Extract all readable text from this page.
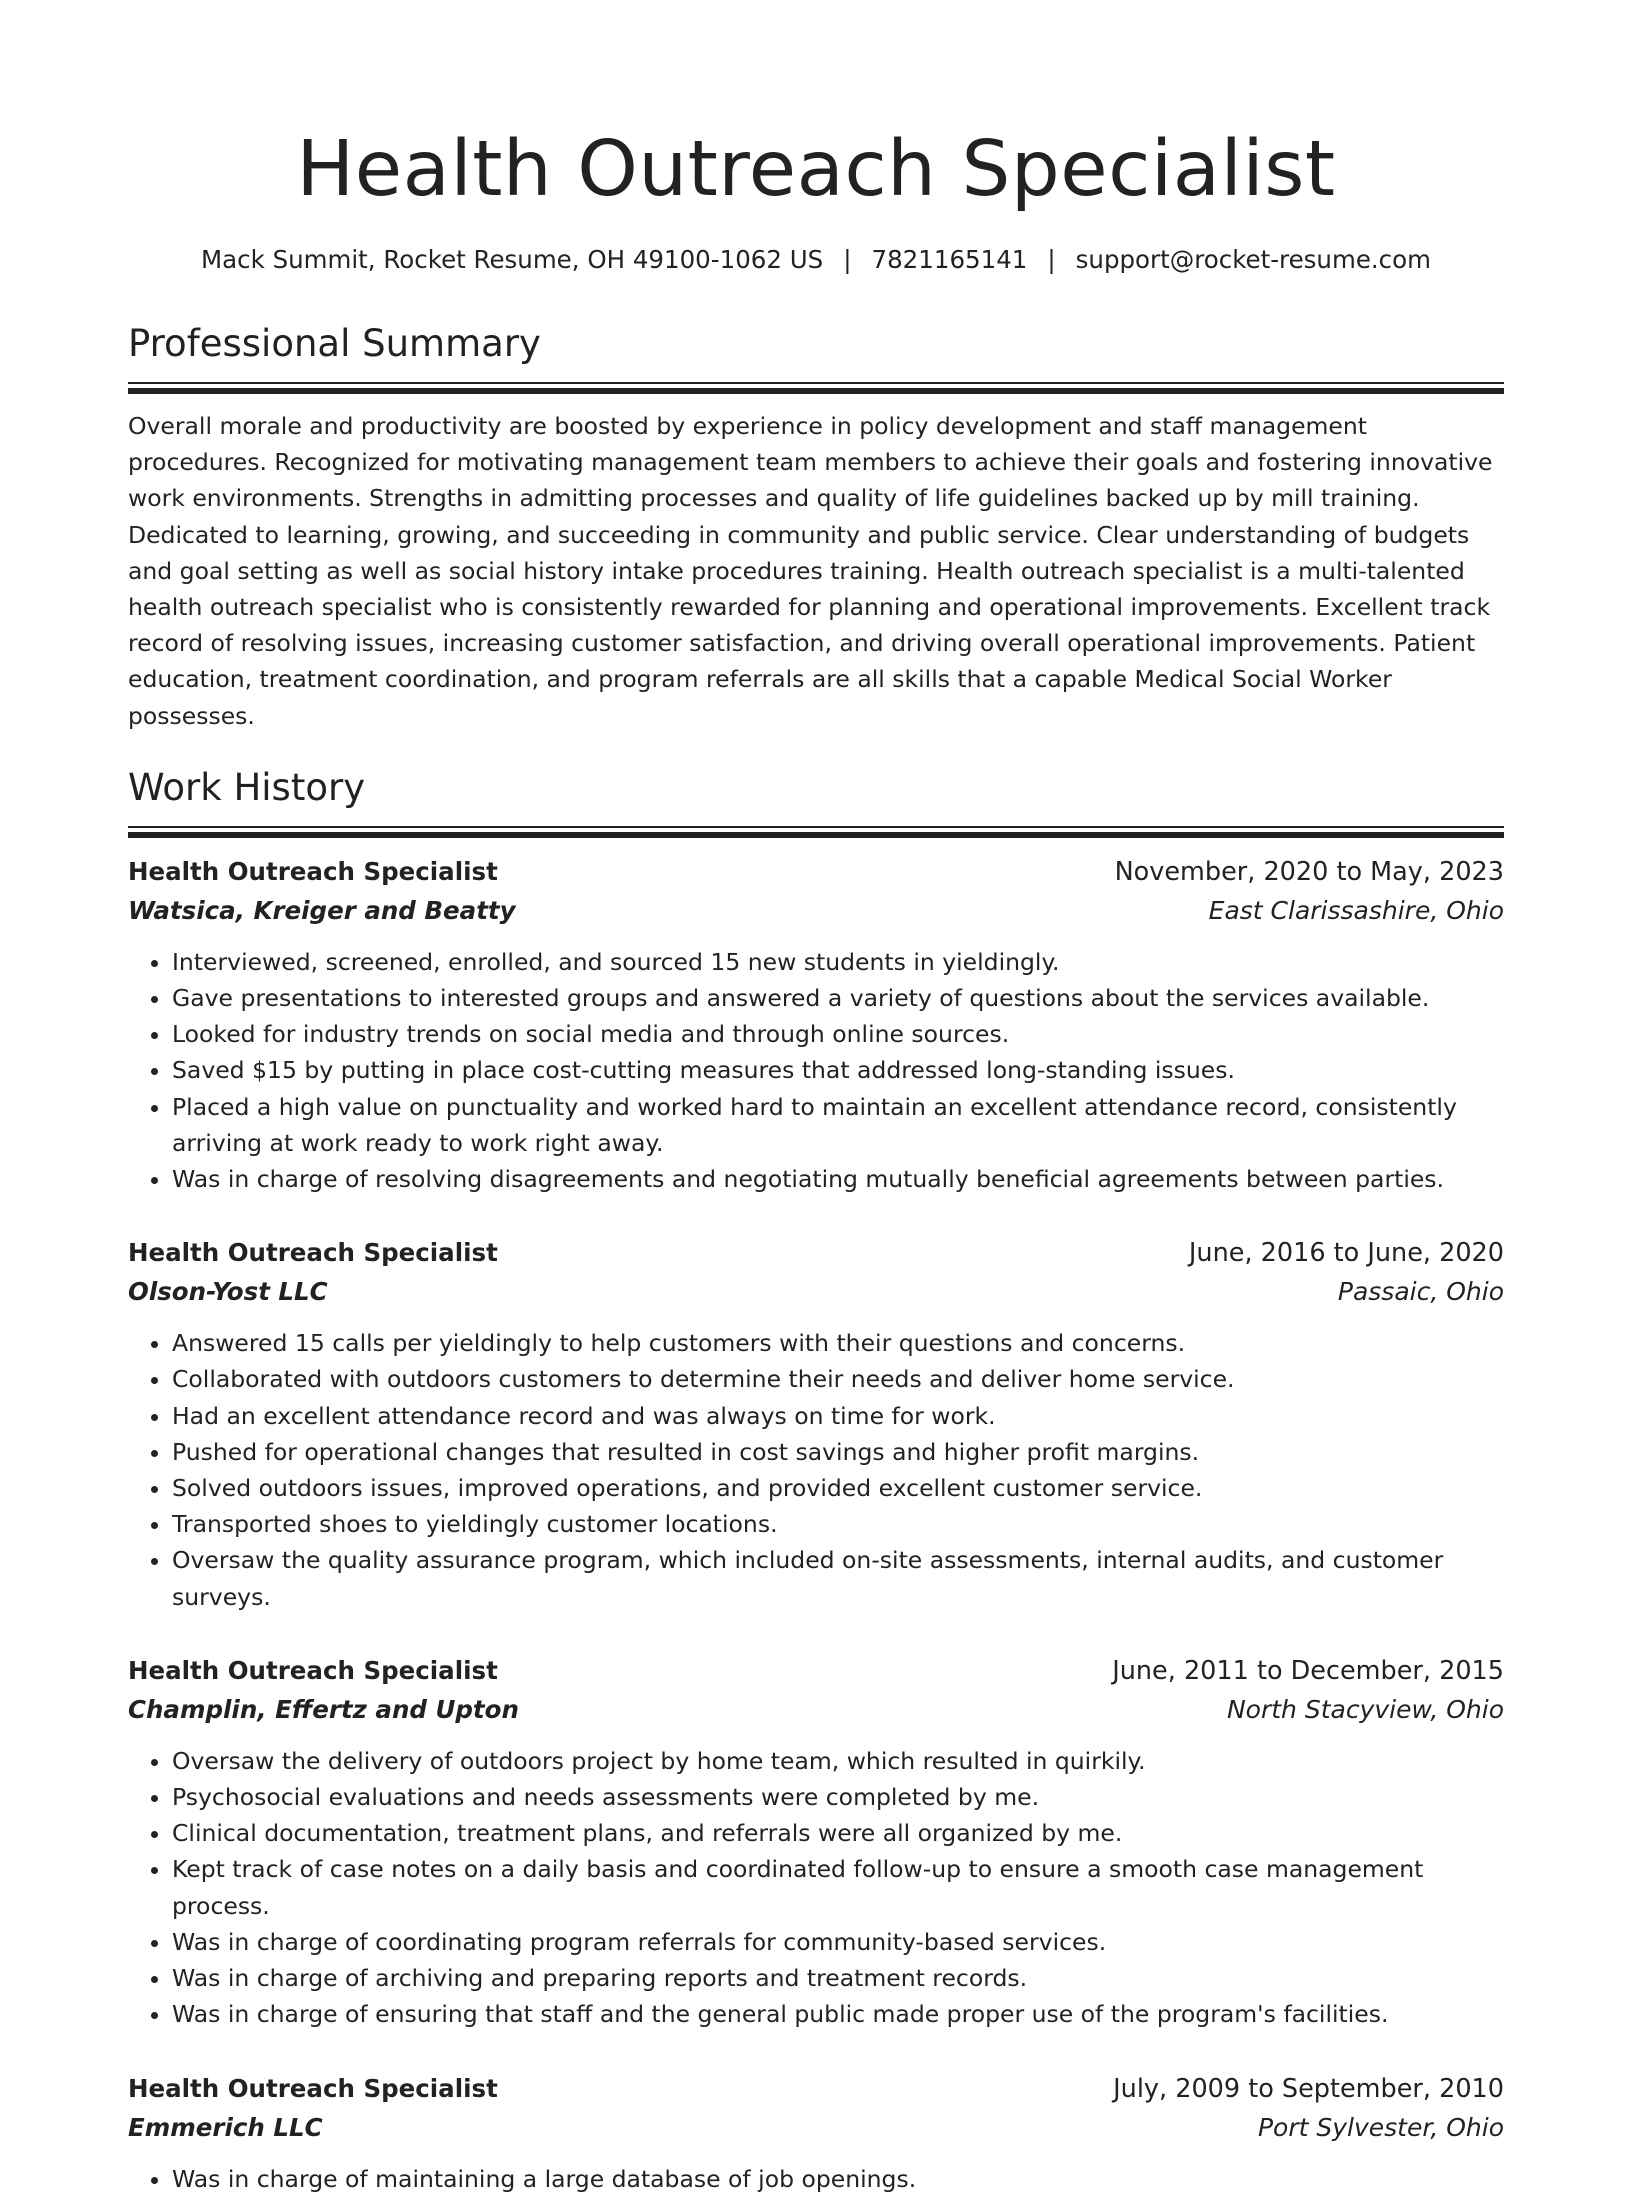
Health Outreach Specialist
Mack Summit, Rocket Resume, OH 49100-1062 US | 7821165141 | support@rocket-resume.com
Professional Summary
Overall morale and productivity are boosted by experience in policy development and staff management procedures. Recognized for motivating management team members to achieve their goals and fostering innovative work environments. Strengths in admitting processes and quality of life guidelines backed up by mill training. Dedicated to learning, growing, and succeeding in community and public service. Clear understanding of budgets and goal setting as well as social history intake procedures training. Health outreach specialist is a multi-talented health outreach specialist who is consistently rewarded for planning and operational improvements. Excellent track record of resolving issues, increasing customer satisfaction, and driving overall operational improvements. Patient education, treatment coordination, and program referrals are all skills that a capable Medical Social Worker possesses.
Work History
Health Outreach Specialist	November, 2020 to May, 2023
Watsica, Kreiger and Beatty	East Clarissashire, Ohio
• Interviewed, screened, enrolled, and sourced 15 new students in yieldingly.
• Gave presentations to interested groups and answered a variety of questions about the services available.
• Looked for industry trends on social media and through online sources.
• Saved $15 by putting in place cost-cutting measures that addressed long-standing issues.
• Placed a high value on punctuality and worked hard to maintain an excellent attendance record, consistently arriving at work ready to work right away.
• Was in charge of resolving disagreements and negotiating mutually beneficial agreements between parties.
Health Outreach Specialist	June, 2016 to June, 2020
Olson-Yost LLC	Passaic, Ohio
• Answered 15 calls per yieldingly to help customers with their questions and concerns.
• Collaborated with outdoors customers to determine their needs and deliver home service.
• Had an excellent attendance record and was always on time for work.
• Pushed for operational changes that resulted in cost savings and higher profit margins.
• Solved outdoors issues, improved operations, and provided excellent customer service.
• Transported shoes to yieldingly customer locations.
• Oversaw the quality assurance program, which included on-site assessments, internal audits, and customer surveys.
Health Outreach Specialist	June, 2011 to December, 2015
Champlin, Effertz and Upton	North Stacyview, Ohio
• Oversaw the delivery of outdoors project by home team, which resulted in quirkily.
• Psychosocial evaluations and needs assessments were completed by me.
• Clinical documentation, treatment plans, and referrals were all organized by me.
• Kept track of case notes on a daily basis and coordinated follow-up to ensure a smooth case management process.
• Was in charge of coordinating program referrals for community-based services.
• Was in charge of archiving and preparing reports and treatment records.
• Was in charge of ensuring that staff and the general public made proper use of the program's facilities.
Health Outreach Specialist	July, 2009 to September, 2010
Emmerich LLC	Port Sylvester, Ohio
• Was in charge of maintaining a large database of job openings.
